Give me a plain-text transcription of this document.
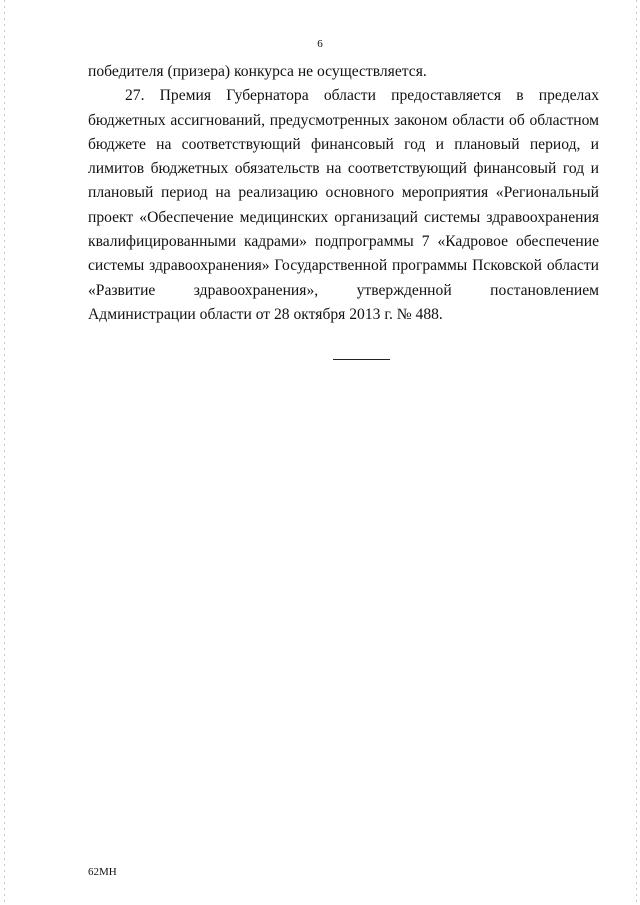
6

победителя (призера) конкурса не осуществляется.

27. Премия Губернатора области предоставляется в пределах бюджетных ассигнований, предусмотренных законом области об областном бюджете на соответствующий финансовый год и плановый период, и лимитов бюджетных обязательств на соответствующий финансовый год и плановый период на реализацию основного мероприятия «Региональный проект «Обеспечение медицинских организаций системы здравоохранения квалифицированными кадрами» подпрограммы 7 «Кадровое обеспечение системы здравоохранения» Государственной программы Псковской области «Развитие здравоохранения», утвержденной постановлением Администрации области от 28 октября 2013 г. № 488.

62МН
